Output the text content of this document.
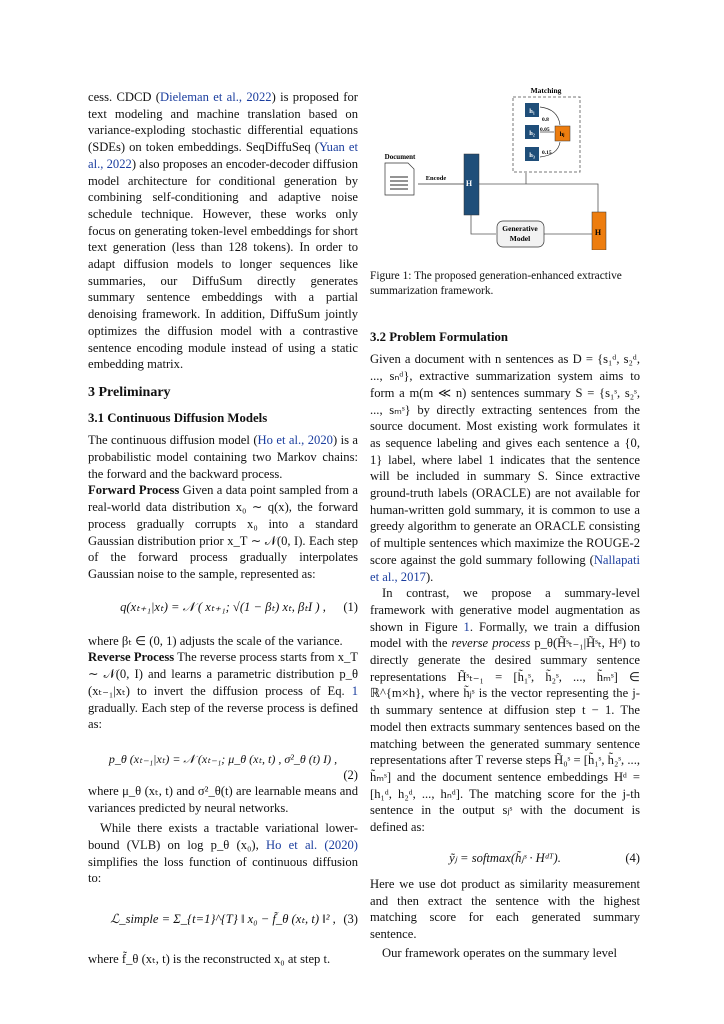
cess. CDCD (Dieleman et al., 2022) is proposed for text modeling and machine translation based on variance-exploding stochastic differential equations (SDEs) on token embeddings. SeqDiffuSeq (Yuan et al., 2022) also proposes an encoder-decoder diffusion model architecture for conditional generation by combining self-conditioning and adaptive noise schedule technique. However, these works only focus on generating token-level embeddings for short text generation (less than 128 tokens). In order to adapt diffusion models to longer sequences like summaries, our DiffuSum directly generates summary sentence embeddings with a partial denoising framework. In addition, DiffuSum jointly optimizes the diffusion model with a contrastive sentence encoding module instead of using a static embedding matrix.

3 Preliminary
3.1 Continuous Diffusion Models

The continuous diffusion model (Ho et al., 2020) is a probabilistic model containing two Markov chains: the forward and the backward process.

Forward Process Given a data point sampled from a real-world data distribution x₀ ∼ q(x), the forward process gradually corrupts x₀ into a standard Gaussian distribution prior x_T ∼ 𝒩(0, I). Each step of the forward process gradually interpolates Gaussian noise to the sample, represented as:

q(xₜ₊₁|xₜ) = 𝒩 ( xₜ₊₁; √(1 − βₜ) xₜ, βₜI ) ,	(1)

where βₜ ∈ (0, 1) adjusts the scale of the variance.

Reverse Process The reverse process starts from x_T ∼ 𝒩(0, I) and learns a parametric distribution p_θ (xₜ₋₁|xₜ) to invert the diffusion process of Eq. 1 gradually. Each step of the reverse process is defined as:

p_θ (xₜ₋₁|xₜ) = 𝒩 (xₜ₋₁; μ_θ (xₜ, t) , σ²_θ (t) I) ,
(2)

where μ_θ (xₜ, t) and σ²_θ(t) are learnable means and variances predicted by neural networks.

While there exists a tractable variational lower-bound (VLB) on log p_θ (x₀), Ho et al. (2020) simplifies the loss function of continuous diffusion to:

ℒ_simple = Σ_{t=1}^{T} ‖ x₀ − f̃_θ (xₜ, t) ‖² , (3)

where f̃_θ (xₜ, t) is the reconstructed x₀ at step t.

Matching
h₁
h₂
h₃
hⱼ
0.8
0.05
0.15
Document
Encode
H
Generative
Model
H

Figure 1: The proposed generation-enhanced extractive summarization framework.

3.2 Problem Formulation

Given a document with n sentences as D = {s₁ᵈ, s₂ᵈ, ..., sₙᵈ}, extractive summarization system aims to form a m(m ≪ n) sentences summary S = {s₁ˢ, s₂ˢ, ..., sₘˢ} by directly extracting sentences from the source document. Most existing work formulates it as sequence labeling and gives each sentence a {0, 1} label, where label 1 indicates that the sentence will be included in summary S. Since extractive ground-truth labels (ORACLE) are not available for human-written gold summary, it is common to use a greedy algorithm to generate an ORACLE consisting of multiple sentences which maximize the ROUGE-2 score against the gold summary following (Nallapati et al., 2017).

In contrast, we propose a summary-level framework with generative model augmentation as shown in Figure 1. Formally, we train a diffusion model with the reverse process p_θ(H̃ˢₜ₋₁|H̃ˢₜ, Hᵈ) to directly generate the desired summary sentence representations H̃ˢₜ₋₁ = [h̃₁ˢ, h̃₂ˢ, ..., h̃ₘˢ] ∈ ℝ^{m×h}, where h̃ⱼˢ is the vector representing the j-th summary sentence at diffusion step t − 1. The model then extracts summary sentences based on the matching between the generated summary sentence representations after T reverse steps H̃₀ˢ = [h̃₁ˢ, h̃₂ˢ, ..., h̃ₘˢ] and the document sentence embeddings Hᵈ = [h₁ᵈ, h₂ᵈ, ..., hₙᵈ]. The matching score for the j-th sentence in the output sⱼˢ with the document is defined as:

ỹⱼ = softmax(h̃ⱼˢ · Hᵈᵀ).	(4)

Here we use dot product as similarity measurement and then extract the sentence with the highest matching score for each generated summary sentence.

Our framework operates on the summary level
